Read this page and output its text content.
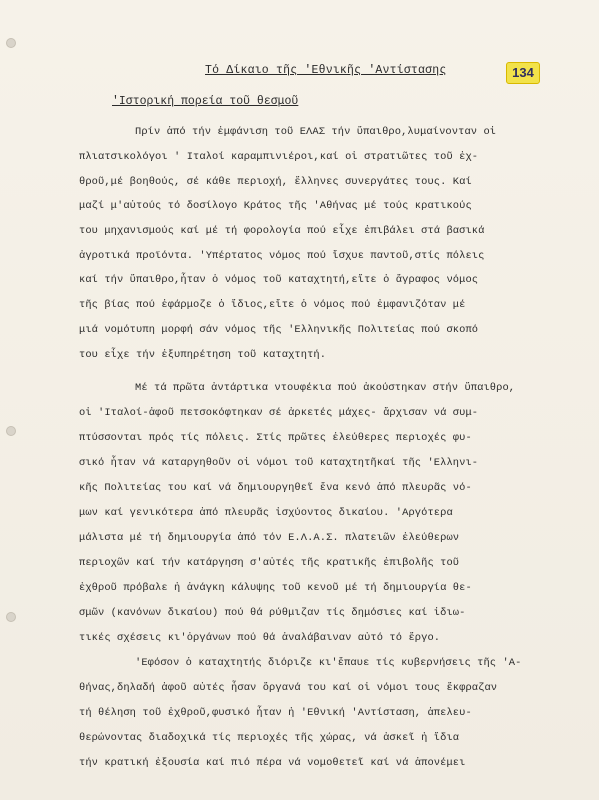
Τό Δίκαιο τῆς 'Εθνικῆς 'Αντίστασης	134
'Ιστορική πορεία τοῦ θεσμοῦ
Πρίν ἀπό τήν ἐμφάνιση τοῦ ΕΛΑΣ τήν ὕπαιθρο,λυμαίνονταν οἱ
πλιατσικολόγοι ' Ιταλοί καραμπινιέροι,καί οἱ στρατιῶτες τοῦ ἐχ-
θροῦ,μέ βοηθούς, σέ κάθε περιοχή, ἕλληνες συνεργάτες τους. Καί
μαζί μ'αὐτούς τό δοσίλογο Κράτος τῆς 'Αθήνας μέ τούς κρατικούς
του μηχανισμούς καί μέ τή φορολογία πού εἶχε ἐπιβάλει στά βασικά
ἀγροτικά προϊόντα. 'Υπέρτατος νόμος πού ἴσχυε παντοῦ,στίς πόλεις
καί τήν ὕπαιθρο,ἦταν ὁ νόμος τοῦ καταχτητή,εἴτε ὁ ἄγραφος νόμος
τῆς βίας πού ἐφάρμοζε ὁ ἴδιος,εἴτε ὁ νόμος πού ἐμφανιζόταν μέ
μιά νομότυπη μορφή σάν νόμος τῆς 'Ελληνικῆς Πολιτείας πού σκοπό
του εἶχε τήν ἐξυπηρέτηση τοῦ καταχτητή.
Μέ τά πρῶτα ἀντάρτικα ντουφέκια πού ἀκούστηκαν στήν ὕπαιθρο,
οἱ 'Ιταλοί-ἀφοῦ πετσοκόφτηκαν σέ ἀρκετές μάχες- ἄρχισαν νά συμ-
πτύσσονται πρός τίς πόλεις. Στίς πρῶτες ἐλεύθερες περιοχές φυ-
σικό ἦταν νά καταργηθοῦν οἱ νόμοι τοῦ καταχτητῆκαί τῆς 'Ελληνι-
κῆς Πολιτείας του καί νά δημιουργηθεῖ ἕνα κενό ἀπό πλευρᾶς νό-
μων καί γενικότερα ἀπό πλευρᾶς ἰσχύοντος δικαίου. 'Αργότερα
μάλιστα μέ τή δημιουργία ἀπό τόν Ε.Λ.Α.Σ. πλατειῶν ἐλεύθερων
περιοχῶν καί τήν κατάργηση σ'αὐτές τῆς κρατικῆς ἐπιβολῆς τοῦ
ἐχθροῦ πρόβαλε ἡ ἀνάγκη κάλυψης τοῦ κενοῦ μέ τή δημιουργία θε-
σμῶν (κανόνων δικαίου) πού θά ρύθμιζαν τίς δημόσιες καί ἰδιω-
τικές σχέσεις κι'ὀργάνων πού θά ἀναλάβαιναν αὐτό τό ἔργο.
'Εφόσον ὁ καταχτητής διόριζε κι'ἔπαυε τίς κυβερνήσεις τῆς 'Α-
θήνας,δηλαδή ἀφοῦ αὐτές ἦσαν ὄργανά του καί οἱ νόμοι τους ἔκφραζαν
τή θέληση τοῦ ἐχθροῦ,φυσικό ἦταν ἡ 'Εθνική 'Αντίσταση, ἀπελευ-
θερώνοντας διαδοχικά τίς περιοχές τῆς χώρας, νά ἀσκεῖ ἡ ἴδια
τήν κρατική ἐξουσία καί πιό πέρα νά νομοθετεῖ καί νά ἀπονέμει
